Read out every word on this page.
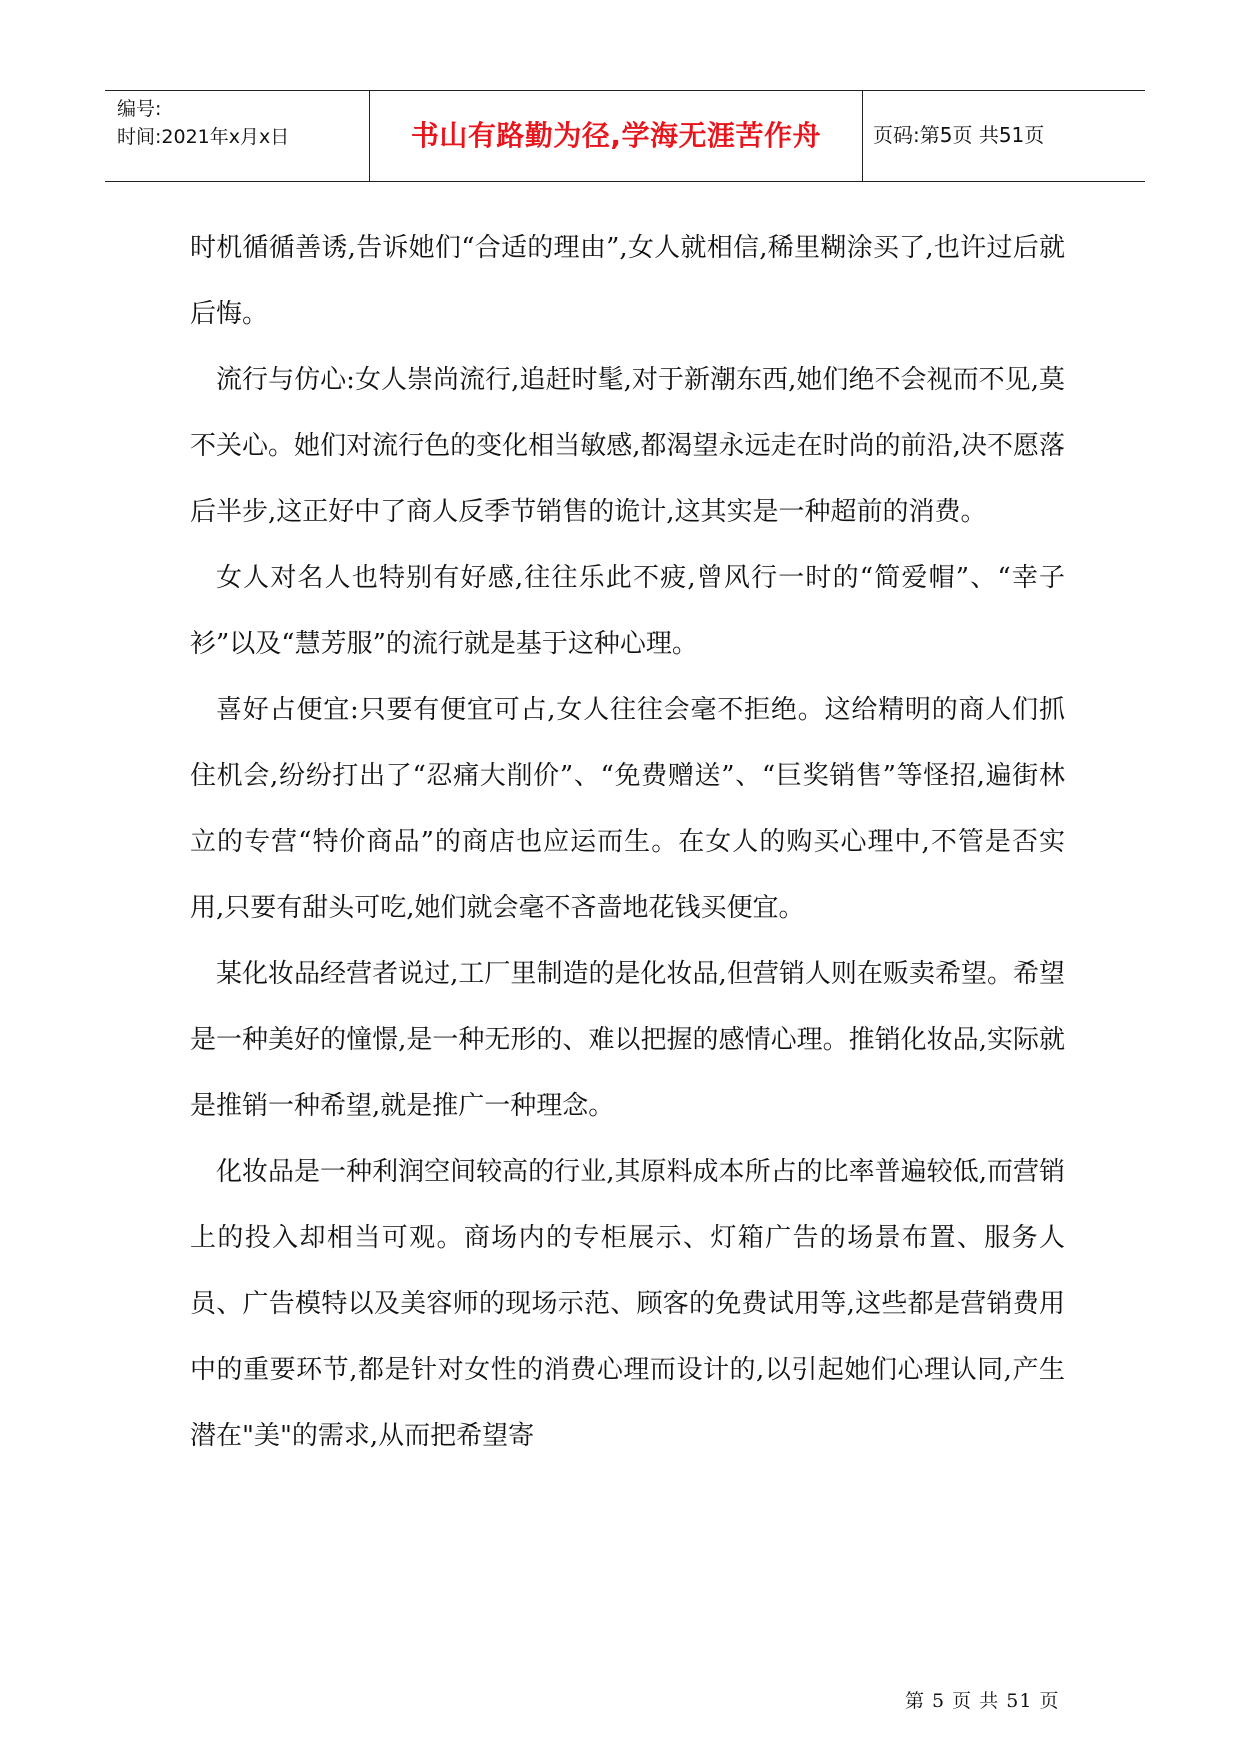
编号:
时间:2021年x月x日	书山有路勤为径,学海无涯苦作舟	页码:第5页 共51页

时机循循善诱,告诉她们“合适的理由”,女人就相信,稀里糊涂买了,也许过后就后悔。

流行与仿心:女人崇尚流行,追赶时髦,对于新潮东西,她们绝不会视而不见,莫不关心。她们对流行色的变化相当敏感,都渴望永远走在时尚的前沿,决不愿落后半步,这正好中了商人反季节销售的诡计,这其实是一种超前的消费。

女人对名人也特别有好感,往往乐此不疲,曾风行一时的“简爱帽”、“幸子衫”以及“慧芳服”的流行就是基于这种心理。

喜好占便宜:只要有便宜可占,女人往往会毫不拒绝。这给精明的商人们抓住机会,纷纷打出了“忍痛大削价”、“免费赠送”、“巨奖销售”等怪招,遍街林立的专营“特价商品”的商店也应运而生。在女人的购买心理中,不管是否实用,只要有甜头可吃,她们就会毫不吝啬地花钱买便宜。

某化妆品经营者说过,工厂里制造的是化妆品,但营销人则在贩卖希望。希望是一种美好的憧憬,是一种无形的、难以把握的感情心理。推销化妆品,实际就是推销一种希望,就是推广一种理念。

化妆品是一种利润空间较高的行业,其原料成本所占的比率普遍较低,而营销上的投入却相当可观。商场内的专柜展示、灯箱广告的场景布置、服务人员、广告模特以及美容师的现场示范、顾客的免费试用等,这些都是营销费用中的重要环节,都是针对女性的消费心理而设计的,以引起她们心理认同,产生潜在"美"的需求,从而把希望寄

第 5 页 共 51 页
